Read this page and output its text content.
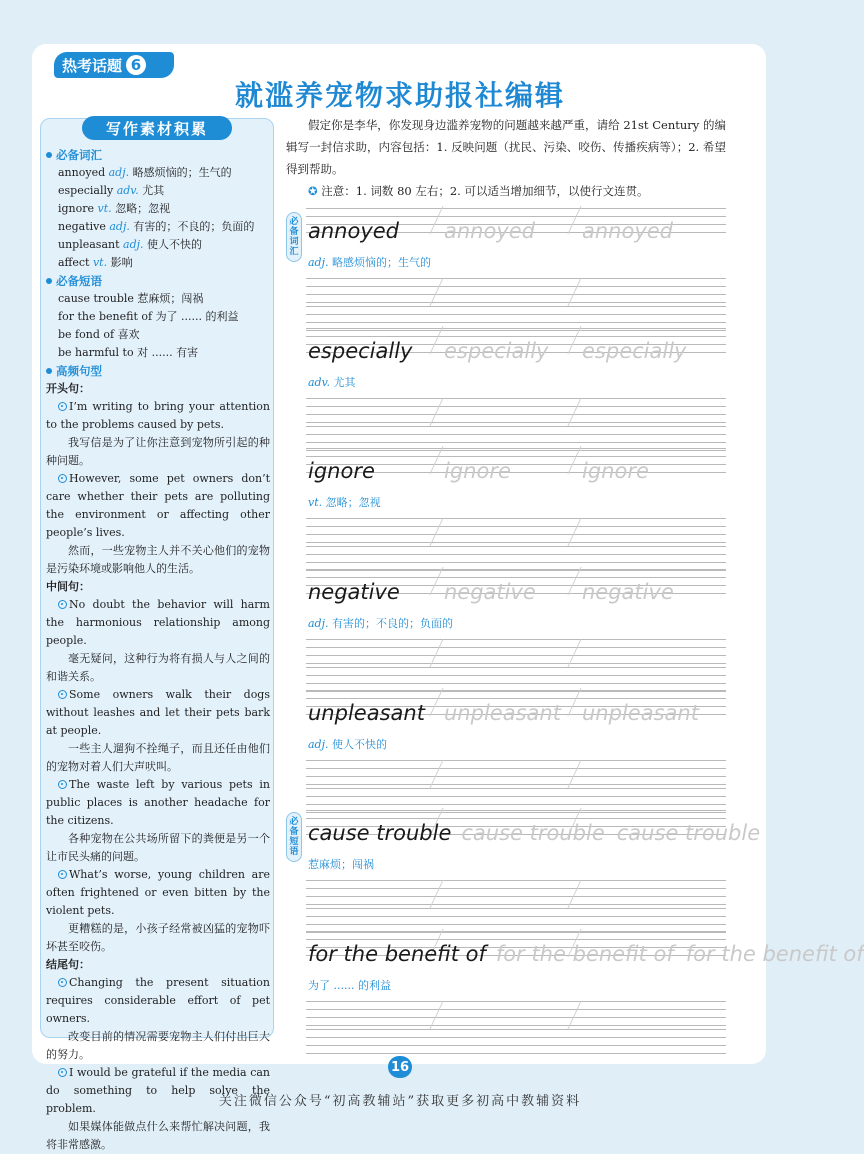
热考话题 6
就滥养宠物求助报社编辑
写作素材积累
必备词汇
annoyed adj. 略感烦恼的；生气的
especially adv. 尤其
ignore vt. 忽略；忽视
negative adj. 有害的；不良的；负面的
unpleasant adj. 使人不快的
affect vt. 影响
必备短语
cause trouble 惹麻烦；闯祸
for the benefit of 为了 ...... 的利益
be fond of 喜欢
be harmful to 对 ...... 有害
高频句型
开头句：
I’m writing to bring your attention to the problems caused by pets.
我写信是为了让你注意到宠物所引起的种种问题。
However, some pet owners don’t care whether their pets are polluting the environment or affecting other people’s lives.
然而，一些宠物主人并不关心他们的宠物是污染环境或影响他人的生活。
中间句：
No doubt the behavior will harm the harmonious relationship among people.
毫无疑问，这种行为将有损人与人之间的和谐关系。
Some owners walk their dogs without leashes and let their pets bark at people.
一些主人遛狗不拴绳子，而且还任由他们的宠物对着人们大声吠叫。
The waste left by various pets in public places is another headache for the citizens.
各种宠物在公共场所留下的粪便是另一个让市民头痛的问题。
What’s worse, young children are often frightened or even bitten by the violent pets.
更糟糕的是，小孩子经常被凶猛的宠物吓坏甚至咬伤。
结尾句：
Changing the present situation requires considerable effort of pet owners.
改变目前的情况需要宠物主人们付出巨大的努力。
I would be grateful if the media can do something to help solve the problem.
如果媒体能做点什么来帮忙解决问题，我将非常感激。
假定你是李华，你发现身边滥养宠物的问题越来越严重，请给 21st Century 的编辑写一封信求助，内容包括：1. 反映问题（扰民、污染、咬伤、传播疾病等）；2. 希望得到帮助。
✪ 注意：1. 词数 80 左右；2. 可以适当增加细节，以使行文连贯。
必备词汇
必备短语
annoyed
adj. 略感烦恼的；生气的
annoyed annoyed
especially
adv. 尤其
especially especially
ignore
vt. 忽略；忽视
ignore	ignore
negative
adj. 有害的；不良的；负面的
negative negative
unpleasant
adj. 使人不快的
unpleasant unpleasant
cause trouble
惹麻烦；闯祸
cause trouble cause trouble
for the benefit of
为了 ...... 的利益
for the benefit of for the benefit of
16
关注微信公众号“初高教辅站”获取更多初高中教辅资料
